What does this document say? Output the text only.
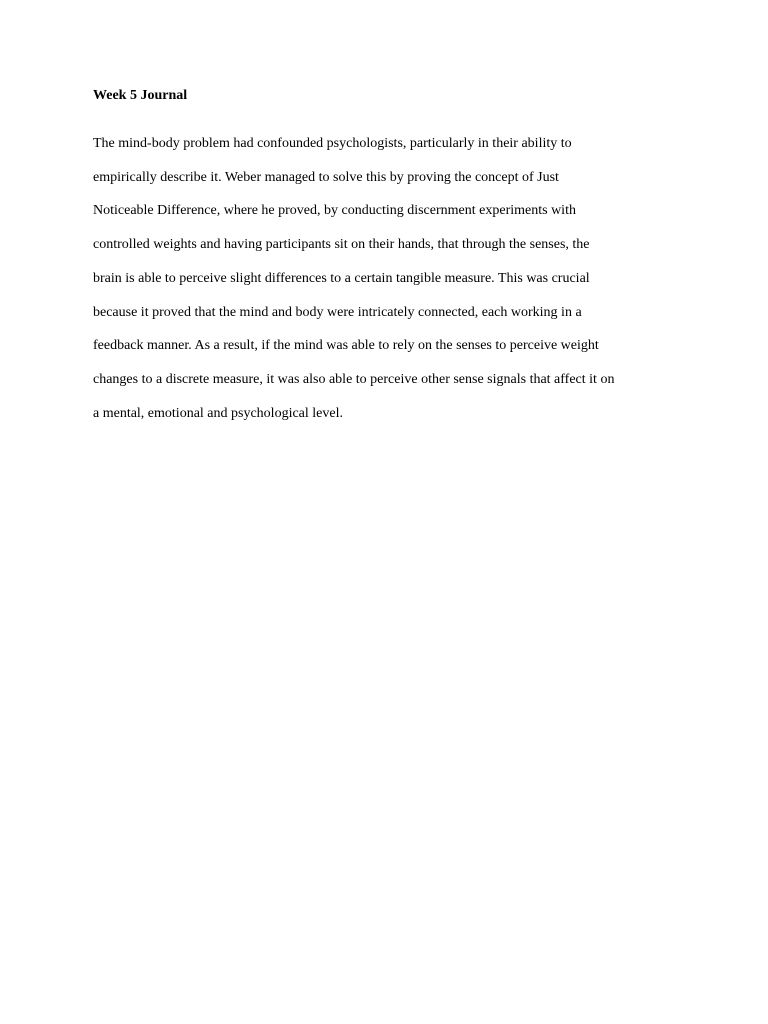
Week 5 Journal
The mind-body problem had confounded psychologists, particularly in their ability to
empirically describe it. Weber managed to solve this by proving the concept of Just
Noticeable Difference, where he proved, by conducting discernment experiments with
controlled weights and having participants sit on their hands, that through the senses, the
brain is able to perceive slight differences to a certain tangible measure. This was crucial
because it proved that the mind and body were intricately connected, each working in a
feedback manner. As a result, if the mind was able to rely on the senses to perceive weight
changes to a discrete measure, it was also able to perceive other sense signals that affect it on
a mental, emotional and psychological level.
